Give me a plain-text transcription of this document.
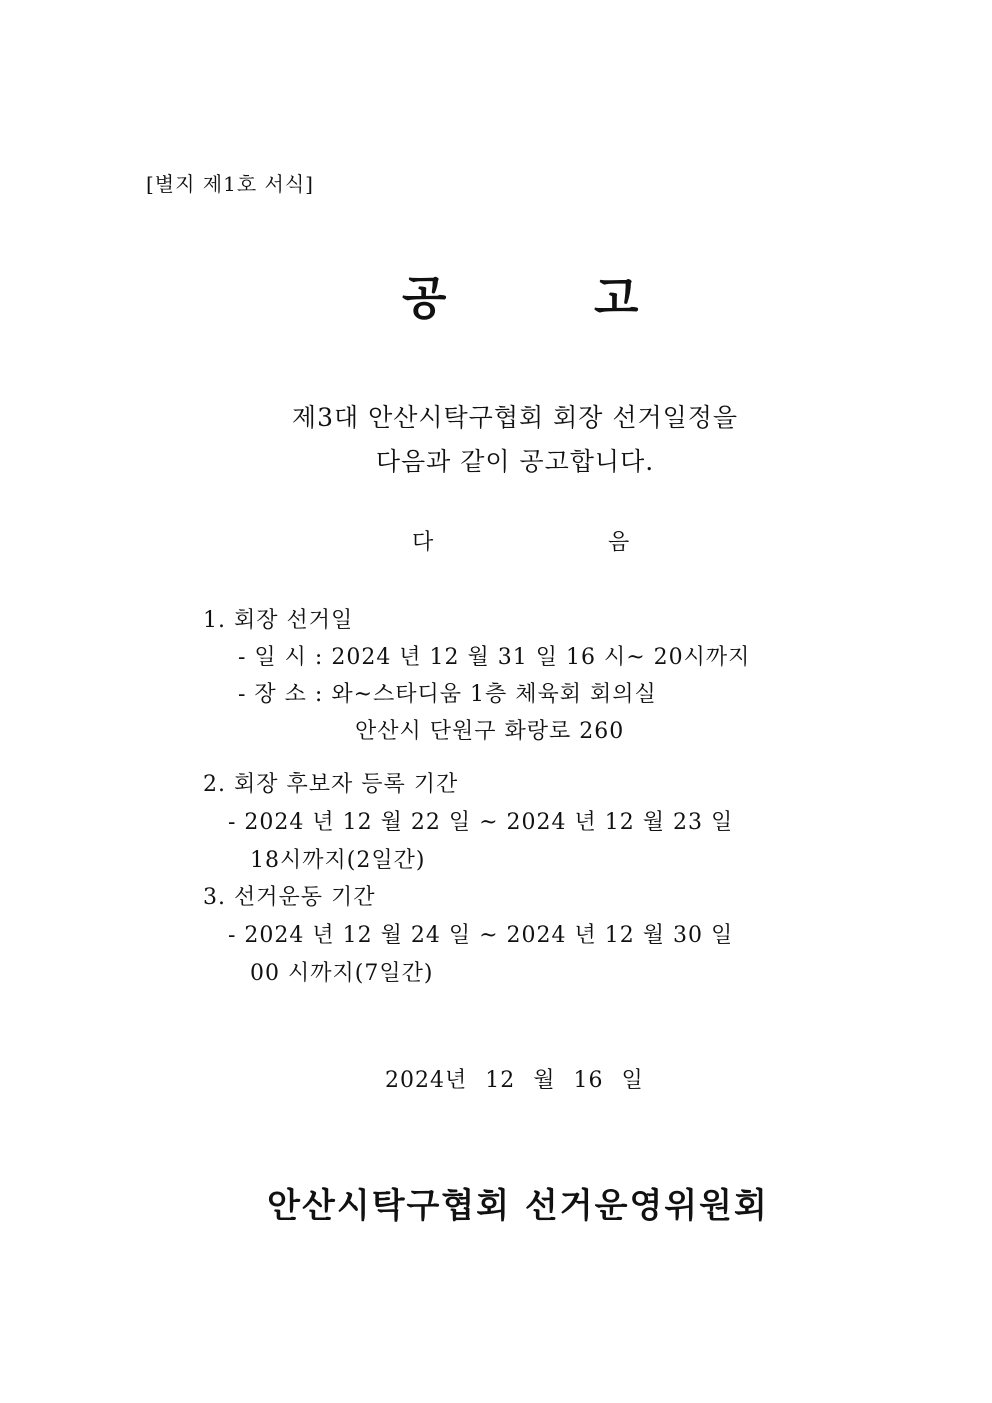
[별지 제1호 서식]
공	고
제3대 안산시탁구협회 회장 선거일정을
다음과 같이 공고합니다.
다	음
1. 회장 선거일
- 일 시 : 2024 년 12 월 31 일 16 시~ 20시까지
- 장 소 : 와~스타디움 1층 체육회 회의실
안산시 단원구 화랑로 260
2. 회장 후보자 등록 기간
- 2024 년 12 월 22 일 ~ 2024 년 12 월 23 일
18시까지(2일간)
3. 선거운동 기간
- 2024 년 12 월 24 일 ~ 2024 년 12 월 30 일
00 시까지(7일간)
2024년 12 월 16 일
안산시탁구협회 선거운영위원회
